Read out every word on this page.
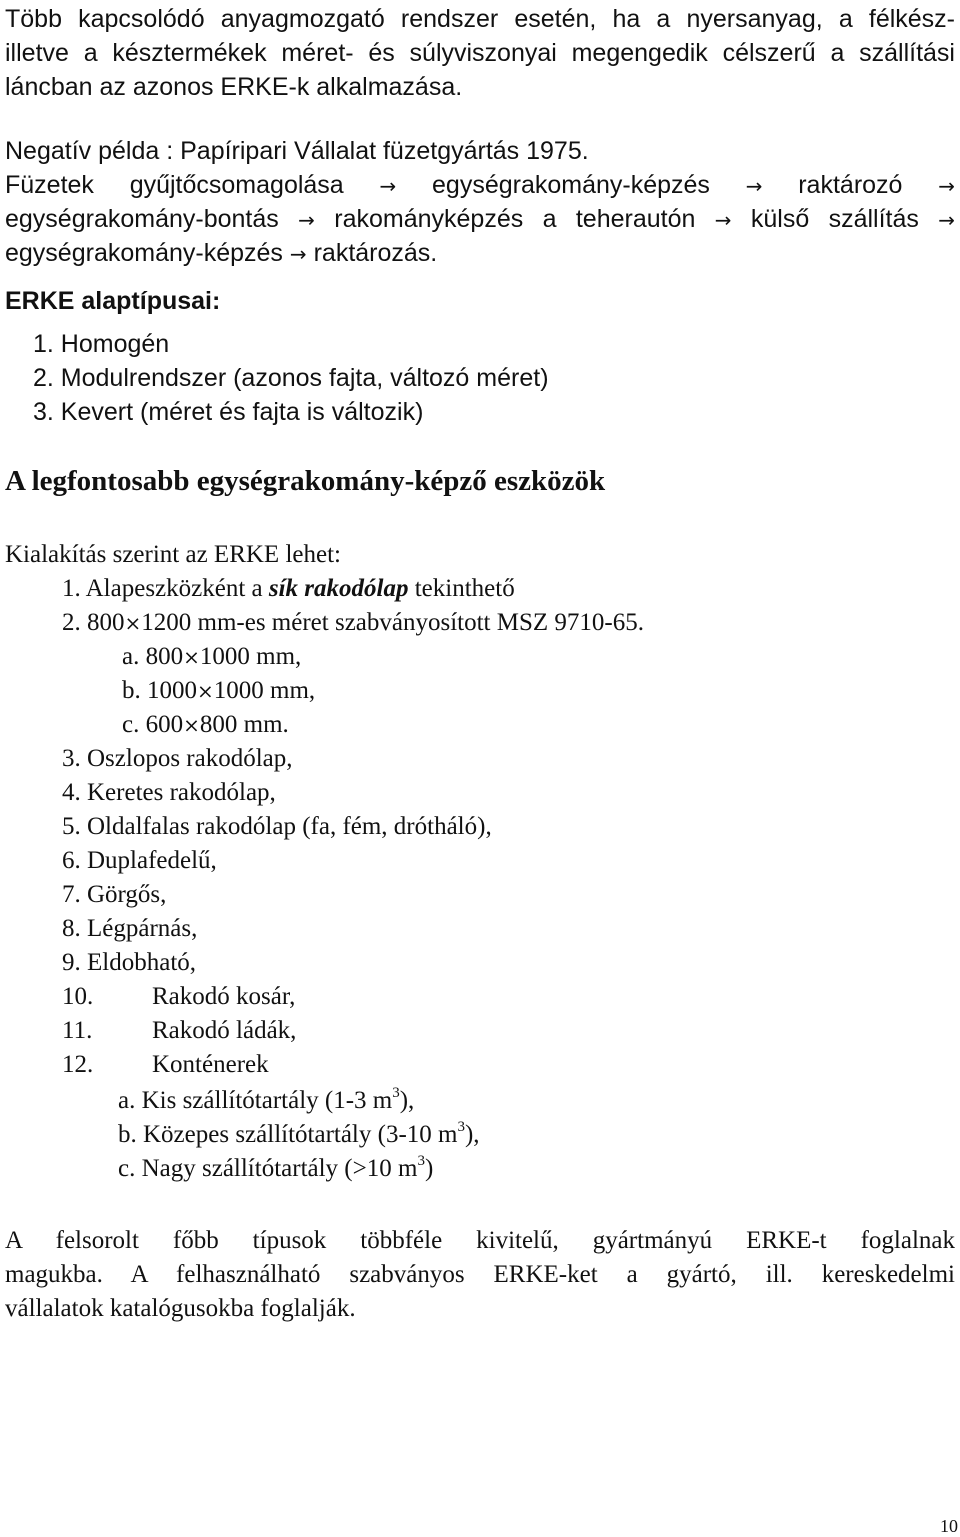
Több kapcsolódó anyagmozgató rendszer esetén, ha a nyersanyag, a félkész-
illetve a késztermékek méret- és súlyviszonyai megengedik célszerű a szállítási
láncban az azonos ERKE-k alkalmazása.
Negatív példa : Papíripari Vállalat füzetgyártás 1975.
Füzetek gyűjtőcsomagolása → egységrakomány-képzés → raktározó →
egységrakomány-bontás → rakományképzés a teherautón → külső szállítás →
egységrakomány-képzés → raktározás.
ERKE alaptípusai:
1. Homogén
2. Modulrendszer (azonos fajta, változó méret)
3. Kevert (méret és fajta is változik)
A legfontosabb egységrakomány-képző eszközök
Kialakítás szerint az ERKE lehet:
1. Alapeszközként a sík rakodólap tekinthető
2. 800×1200 mm-es méret szabványosított MSZ 9710-65.
a. 800×1000 mm,
b. 1000×1000 mm,
c. 600×800 mm.
3. Oszlopos rakodólap,
4. Keretes rakodólap,
5. Oldalfalas rakodólap (fa, fém, drótháló),
6. Duplafedelű,
7. Görgős,
8. Légpárnás,
9. Eldobható,
10. Rakodó kosár,
11. Rakodó ládák,
12. Konténerek
a. Kis szállítótartály (1-3 $m^3$),
b. Közepes szállítótartály (3-10 $m^3$),
c. Nagy szállítótartály (>10 $m^3$)
A felsorolt főbb típusok többféle kivitelű, gyártmányú ERKE-t foglalnak
magukba. A felhasználható szabványos ERKE-ket a gyártó, ill. kereskedelmi
vállalatok katalógusokba foglalják.
10
